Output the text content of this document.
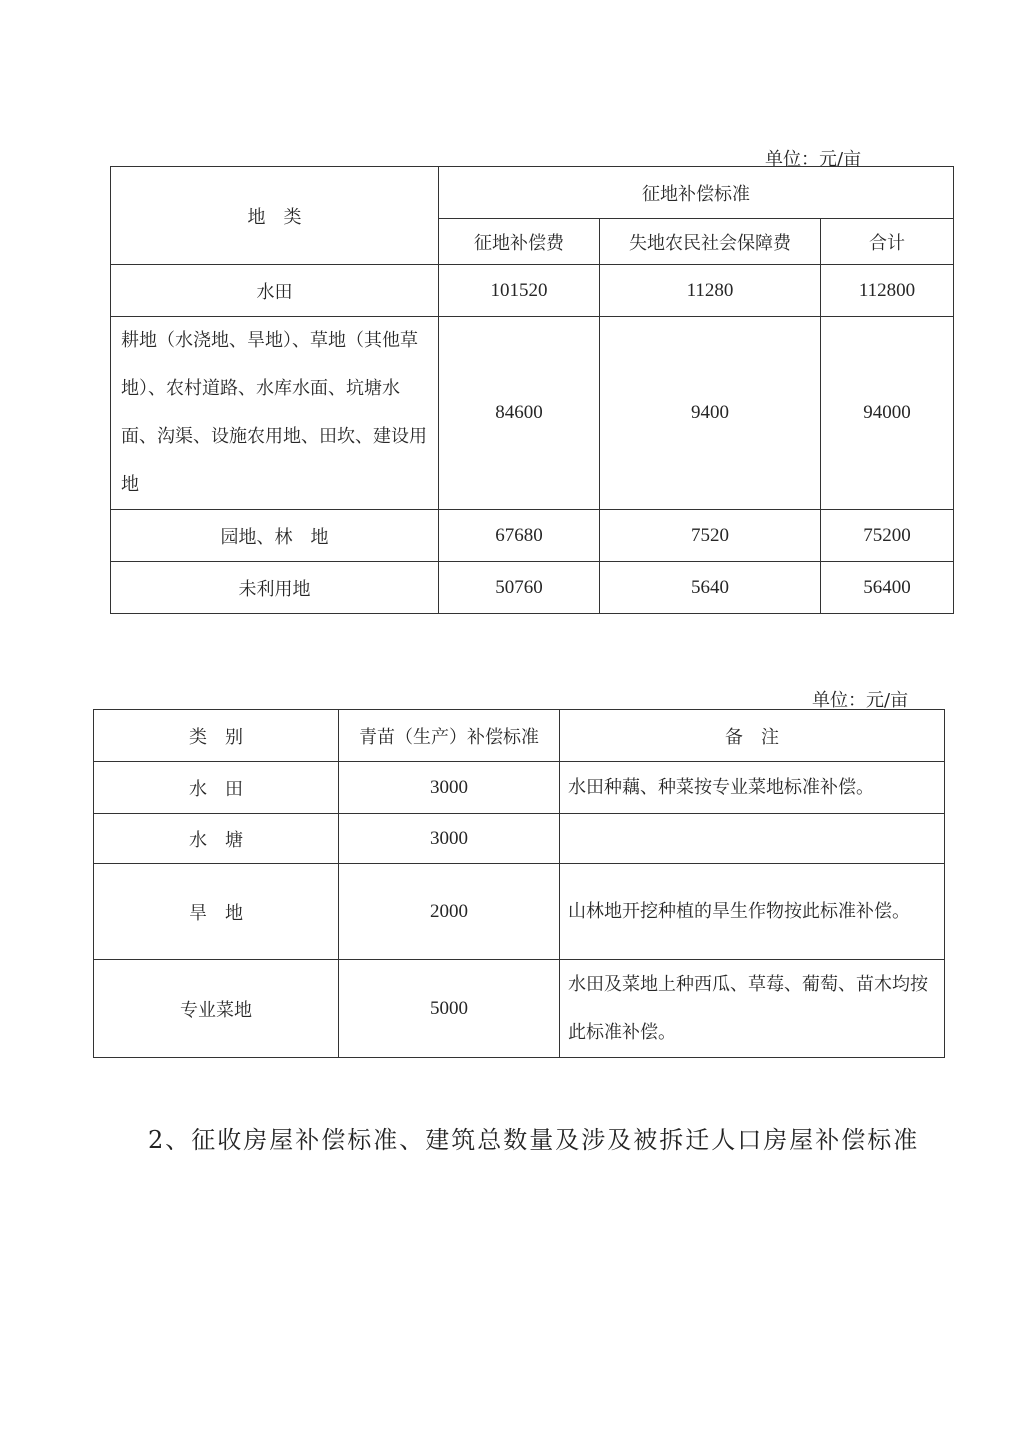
单位：元/亩
地　类	征地补偿标准		
	征地补偿费	失地农民社会保障费	合计
水田	101520	11280	112800
耕地（水浇地、旱地）、草地（其他草地）、农村道路、水库水面、坑塘水面、沟渠、设施农用地、田坎、建设用地	84600	9400	94000
园地、林　地	67680	7520	75200
未利用地	50760	5640	56400
单位：元/亩
类　别	青苗（生产）补偿标准	备　注
水　田	3000	水田种藕、种菜按专业菜地标准补偿。
水　塘	3000	
旱　地	2000	山林地开挖种植的旱生作物按此标准补偿。
专业菜地	5000	水田及菜地上种西瓜、草莓、葡萄、苗木均按此标准补偿。
2、征收房屋补偿标准、建筑总数量及涉及被拆迁人口房屋补偿标准
